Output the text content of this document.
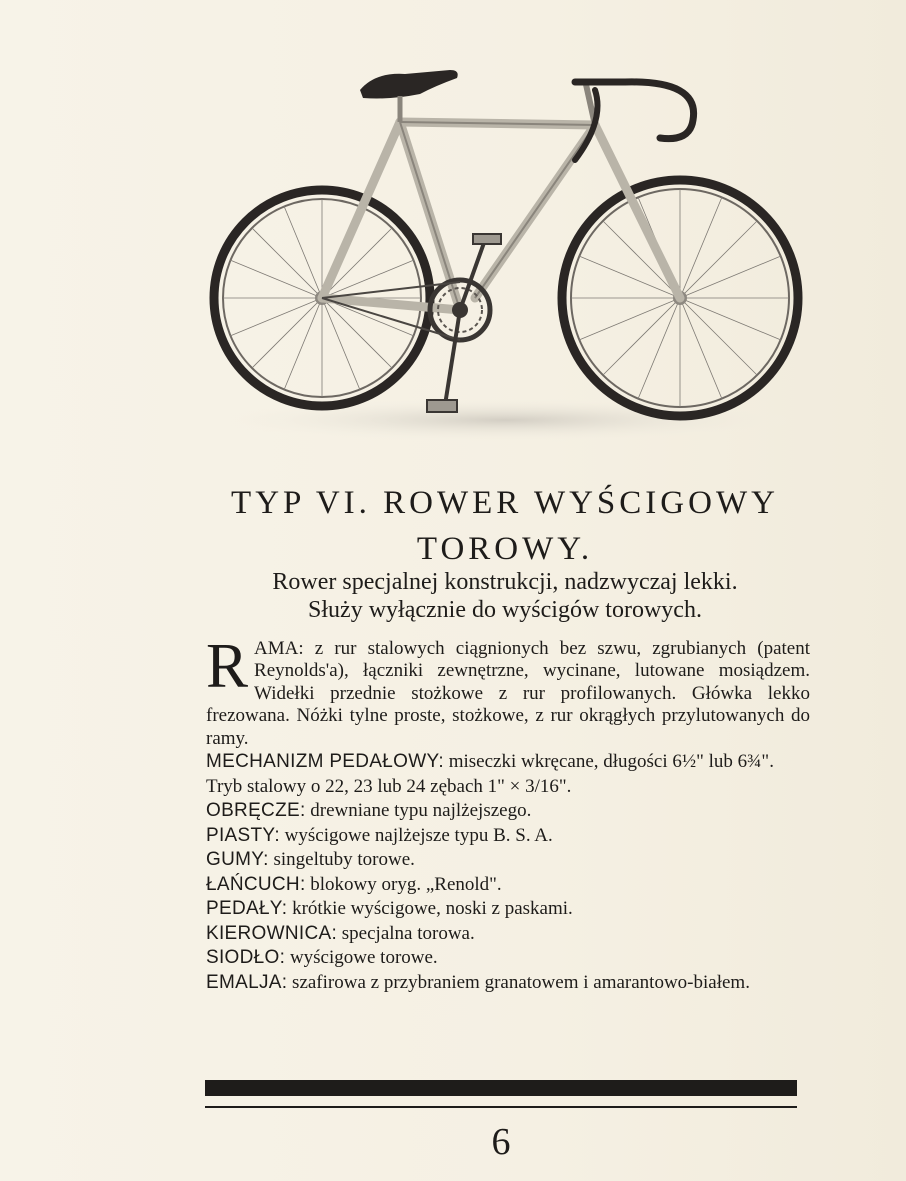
TYP VI. ROWER WYŚCIGOWY
TOROWY.
Rower specjalnej konstrukcji, nadzwyczaj lekki.
Służy wyłącznie do wyścigów torowych.
R AMA: z rur stalowych ciągnionych bez szwu, zgrubianych (patent Reynolds'a), łączniki zewnętrzne, wycinane, lutowane mosiądzem. Widełki przednie stożkowe z rur profilowanych. Główka lekko frezowana. Nóżki tylne proste, stożkowe, z rur okrągłych przylutowanych do ramy.
MECHANIZM PEDAŁOWY: miseczki wkręcane, długości 6½" lub 6¾". Tryb stalowy o 22, 23 lub 24 zębach 1" × 3/16".
OBRĘCZE: drewniane typu najlżejszego.
PIASTY: wyścigowe najlżejsze typu B. S. A.
GUMY: singeltuby torowe.
ŁAŃCUCH: blokowy oryg. „Renold".
PEDAŁY: krótkie wyścigowe, noski z paskami.
KIEROWNICA: specjalna torowa.
SIODŁO: wyścigowe torowe.
EMALJA: szafirowa z przybraniem granatowem i amarantowo-białem.
6
